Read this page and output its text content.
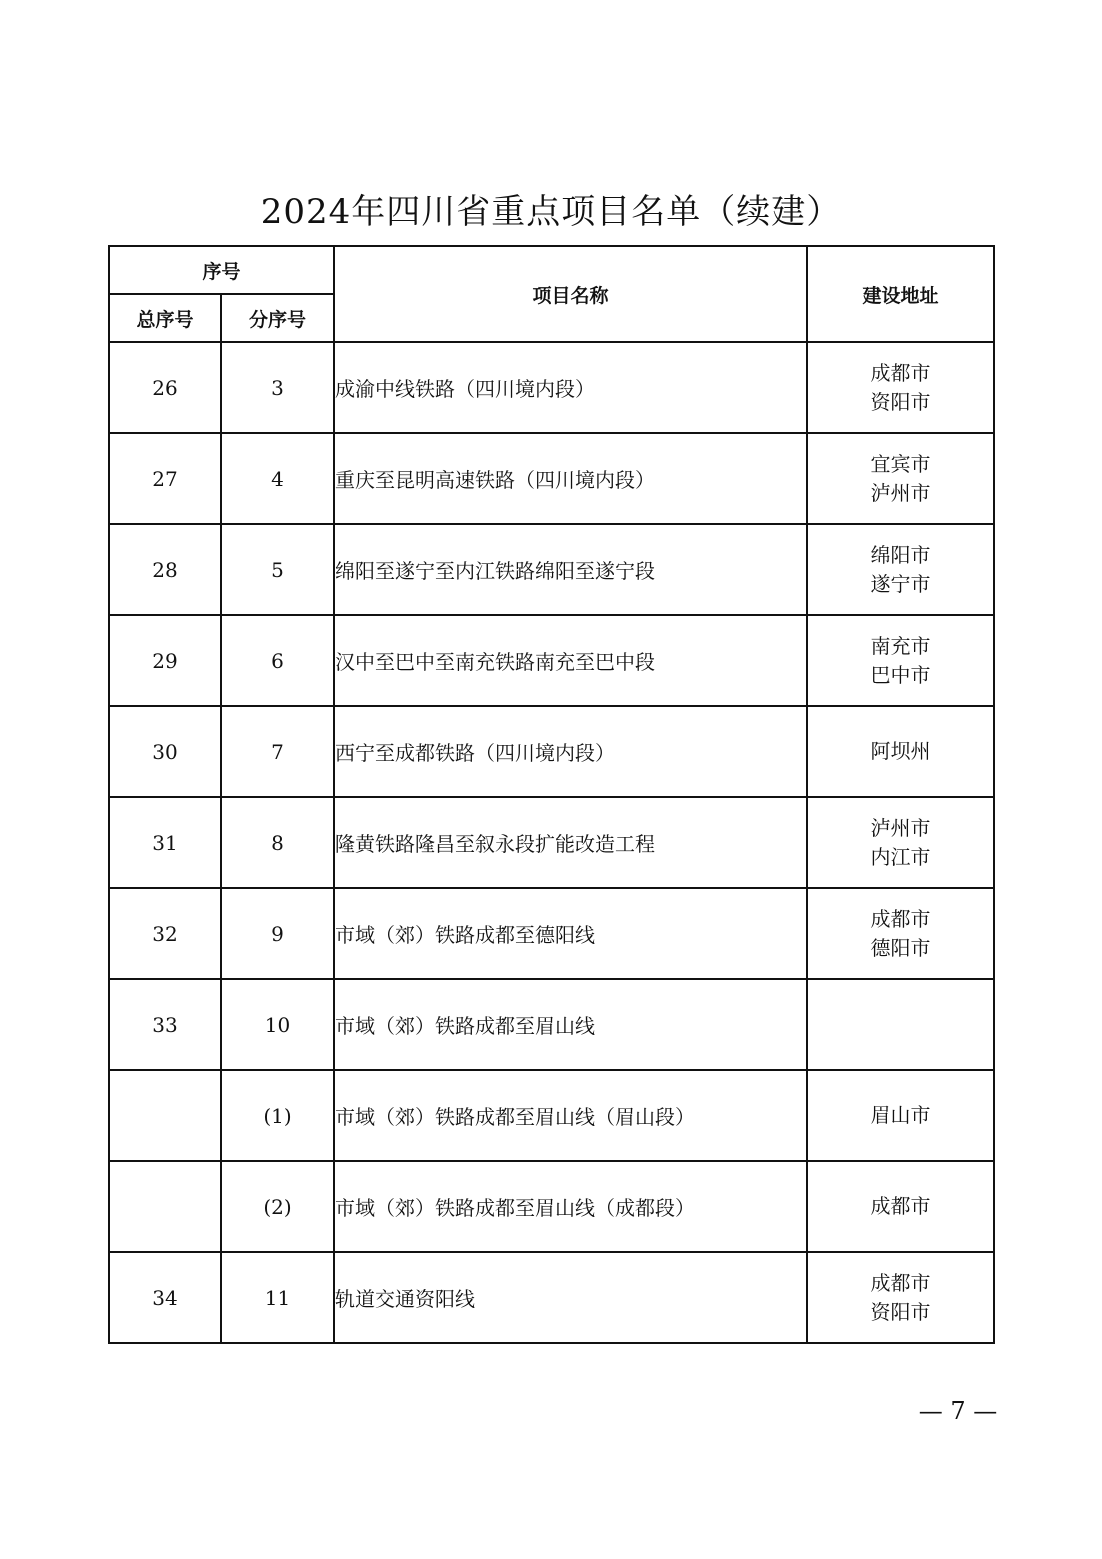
2024年四川省重点项目名单（续建）
序号		项目名称	建设地址
总序号	分序号		
26	3	成渝中线铁路（四川境内段）	成都市
资阳市

27	4	重庆至昆明高速铁路（四川境内段）	宜宾市
泸州市

28	5	绵阳至遂宁至内江铁路绵阳至遂宁段	绵阳市
遂宁市

29	6	汉中至巴中至南充铁路南充至巴中段	南充市
巴中市

30	7	西宁至成都铁路（四川境内段）	阿坝州

31	8	隆黄铁路隆昌至叙永段扩能改造工程	泸州市
内江市

32	9	市域（郊）铁路成都至德阳线	成都市
德阳市

33	10	市域（郊）铁路成都至眉山线	
	(1)	市域（郊）铁路成都至眉山线（眉山段）	眉山市

	(2)	市域（郊）铁路成都至眉山线（成都段）	成都市

34	11	轨道交通资阳线	成都市
资阳市
— 7 —
